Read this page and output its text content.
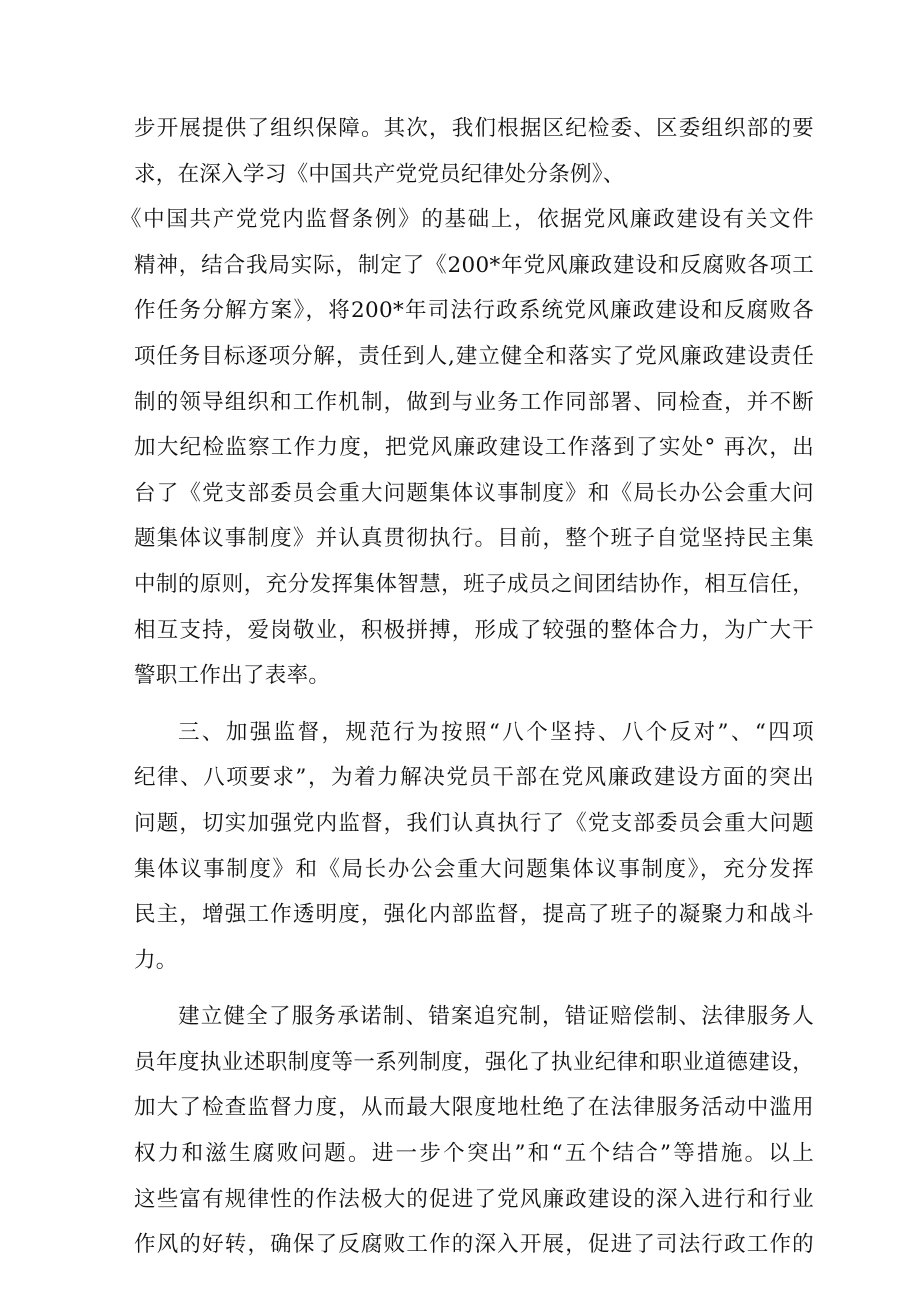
步开展提供了组织保障。其次，我们根据区纪检委、区委组织部的要
求，在深入学习《中国共产党党员纪律处分条例》、
《中国共产党党内监督条例》的基础上，依据党风廉政建设有关文件
精神，结合我局实际，制定了《200*年党风廉政建设和反腐败各项工
作任务分解方案》，将200*年司法行政系统党风廉政建设和反腐败各
项任务目标逐项分解，责任到人,建立健全和落实了党风廉政建设责任
制的领导组织和工作机制，做到与业务工作同部署、同检查，并不断
加大纪检监察工作力度，把党风廉政建设工作落到了实处° 再次，出
台了《党支部委员会重大问题集体议事制度》和《局长办公会重大问
题集体议事制度》并认真贯彻执行。目前，整个班子自觉坚持民主集
中制的原则，充分发挥集体智慧，班子成员之间团结协作，相互信任，
相互支持，爱岗敬业，积极拼搏，形成了较强的整体合力，为广大干
警职工作出了表率。
三、加强监督，规范行为按照“八个坚持、八个反对”、“四项
纪律、八项要求”，为着力解决党员干部在党风廉政建设方面的突出
问题，切实加强党内监督，我们认真执行了《党支部委员会重大问题
集体议事制度》和《局长办公会重大问题集体议事制度》，充分发挥
民主，增强工作透明度，强化内部监督，提高了班子的凝聚力和战斗
力。
建立健全了服务承诺制、错案追究制，错证赔偿制、法律服务人
员年度执业述职制度等一系列制度，强化了执业纪律和职业道德建设，
加大了检查监督力度，从而最大限度地杜绝了在法律服务活动中滥用
权力和滋生腐败问题。进一步个突出”和“五个结合”等措施。以上
这些富有规律性的作法极大的促进了党风廉政建设的深入进行和行业
作风的好转，确保了反腐败工作的深入开展，促进了司法行政工作的
